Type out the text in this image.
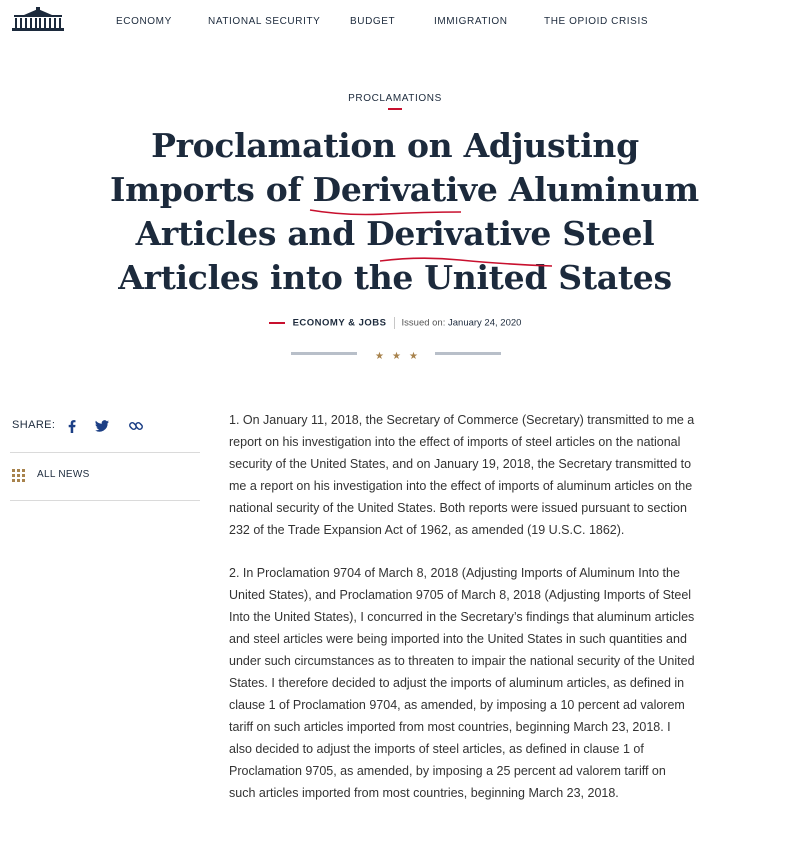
ECONOMY	NATIONAL SECURITY	BUDGET	IMMIGRATION	THE OPIOID CRISIS
PROCLAMATIONS
Proclamation on Adjusting
Imports of Derivative Aluminum
Articles and Derivative Steel
Articles into the United States
ECONOMY & JOBS Issued on: January 24, 2020
★ ★ ★
SHARE:
ALL NEWS

1. On January 11, 2018, the Secretary of Commerce (Secretary) transmitted to me a report on his investigation into the effect of imports of steel articles on the national security of the United States, and on January 19, 2018, the Secretary transmitted to me a report on his investigation into the effect of imports of aluminum articles on the national security of the United States. Both reports were issued pursuant to section 232 of the Trade Expansion Act of 1962, as amended (19 U.S.C. 1862).

2. In Proclamation 9704 of March 8, 2018 (Adjusting Imports of Aluminum Into the United States), and Proclamation 9705 of March 8, 2018 (Adjusting Imports of Steel Into the United States), I concurred in the Secretary’s findings that aluminum articles and steel articles were being imported into the United States in such quantities and under such circumstances as to threaten to impair the national security of the United States. I therefore decided to adjust the imports of aluminum articles, as defined in clause 1 of Proclamation 9704, as amended, by imposing a 10 percent ad valorem tariff on such articles imported from most countries, beginning March 23, 2018. I also decided to adjust the imports of steel articles, as defined in clause 1 of Proclamation 9705, as amended, by imposing a 25 percent ad valorem tariff on such articles imported from most countries, beginning March 23, 2018.
